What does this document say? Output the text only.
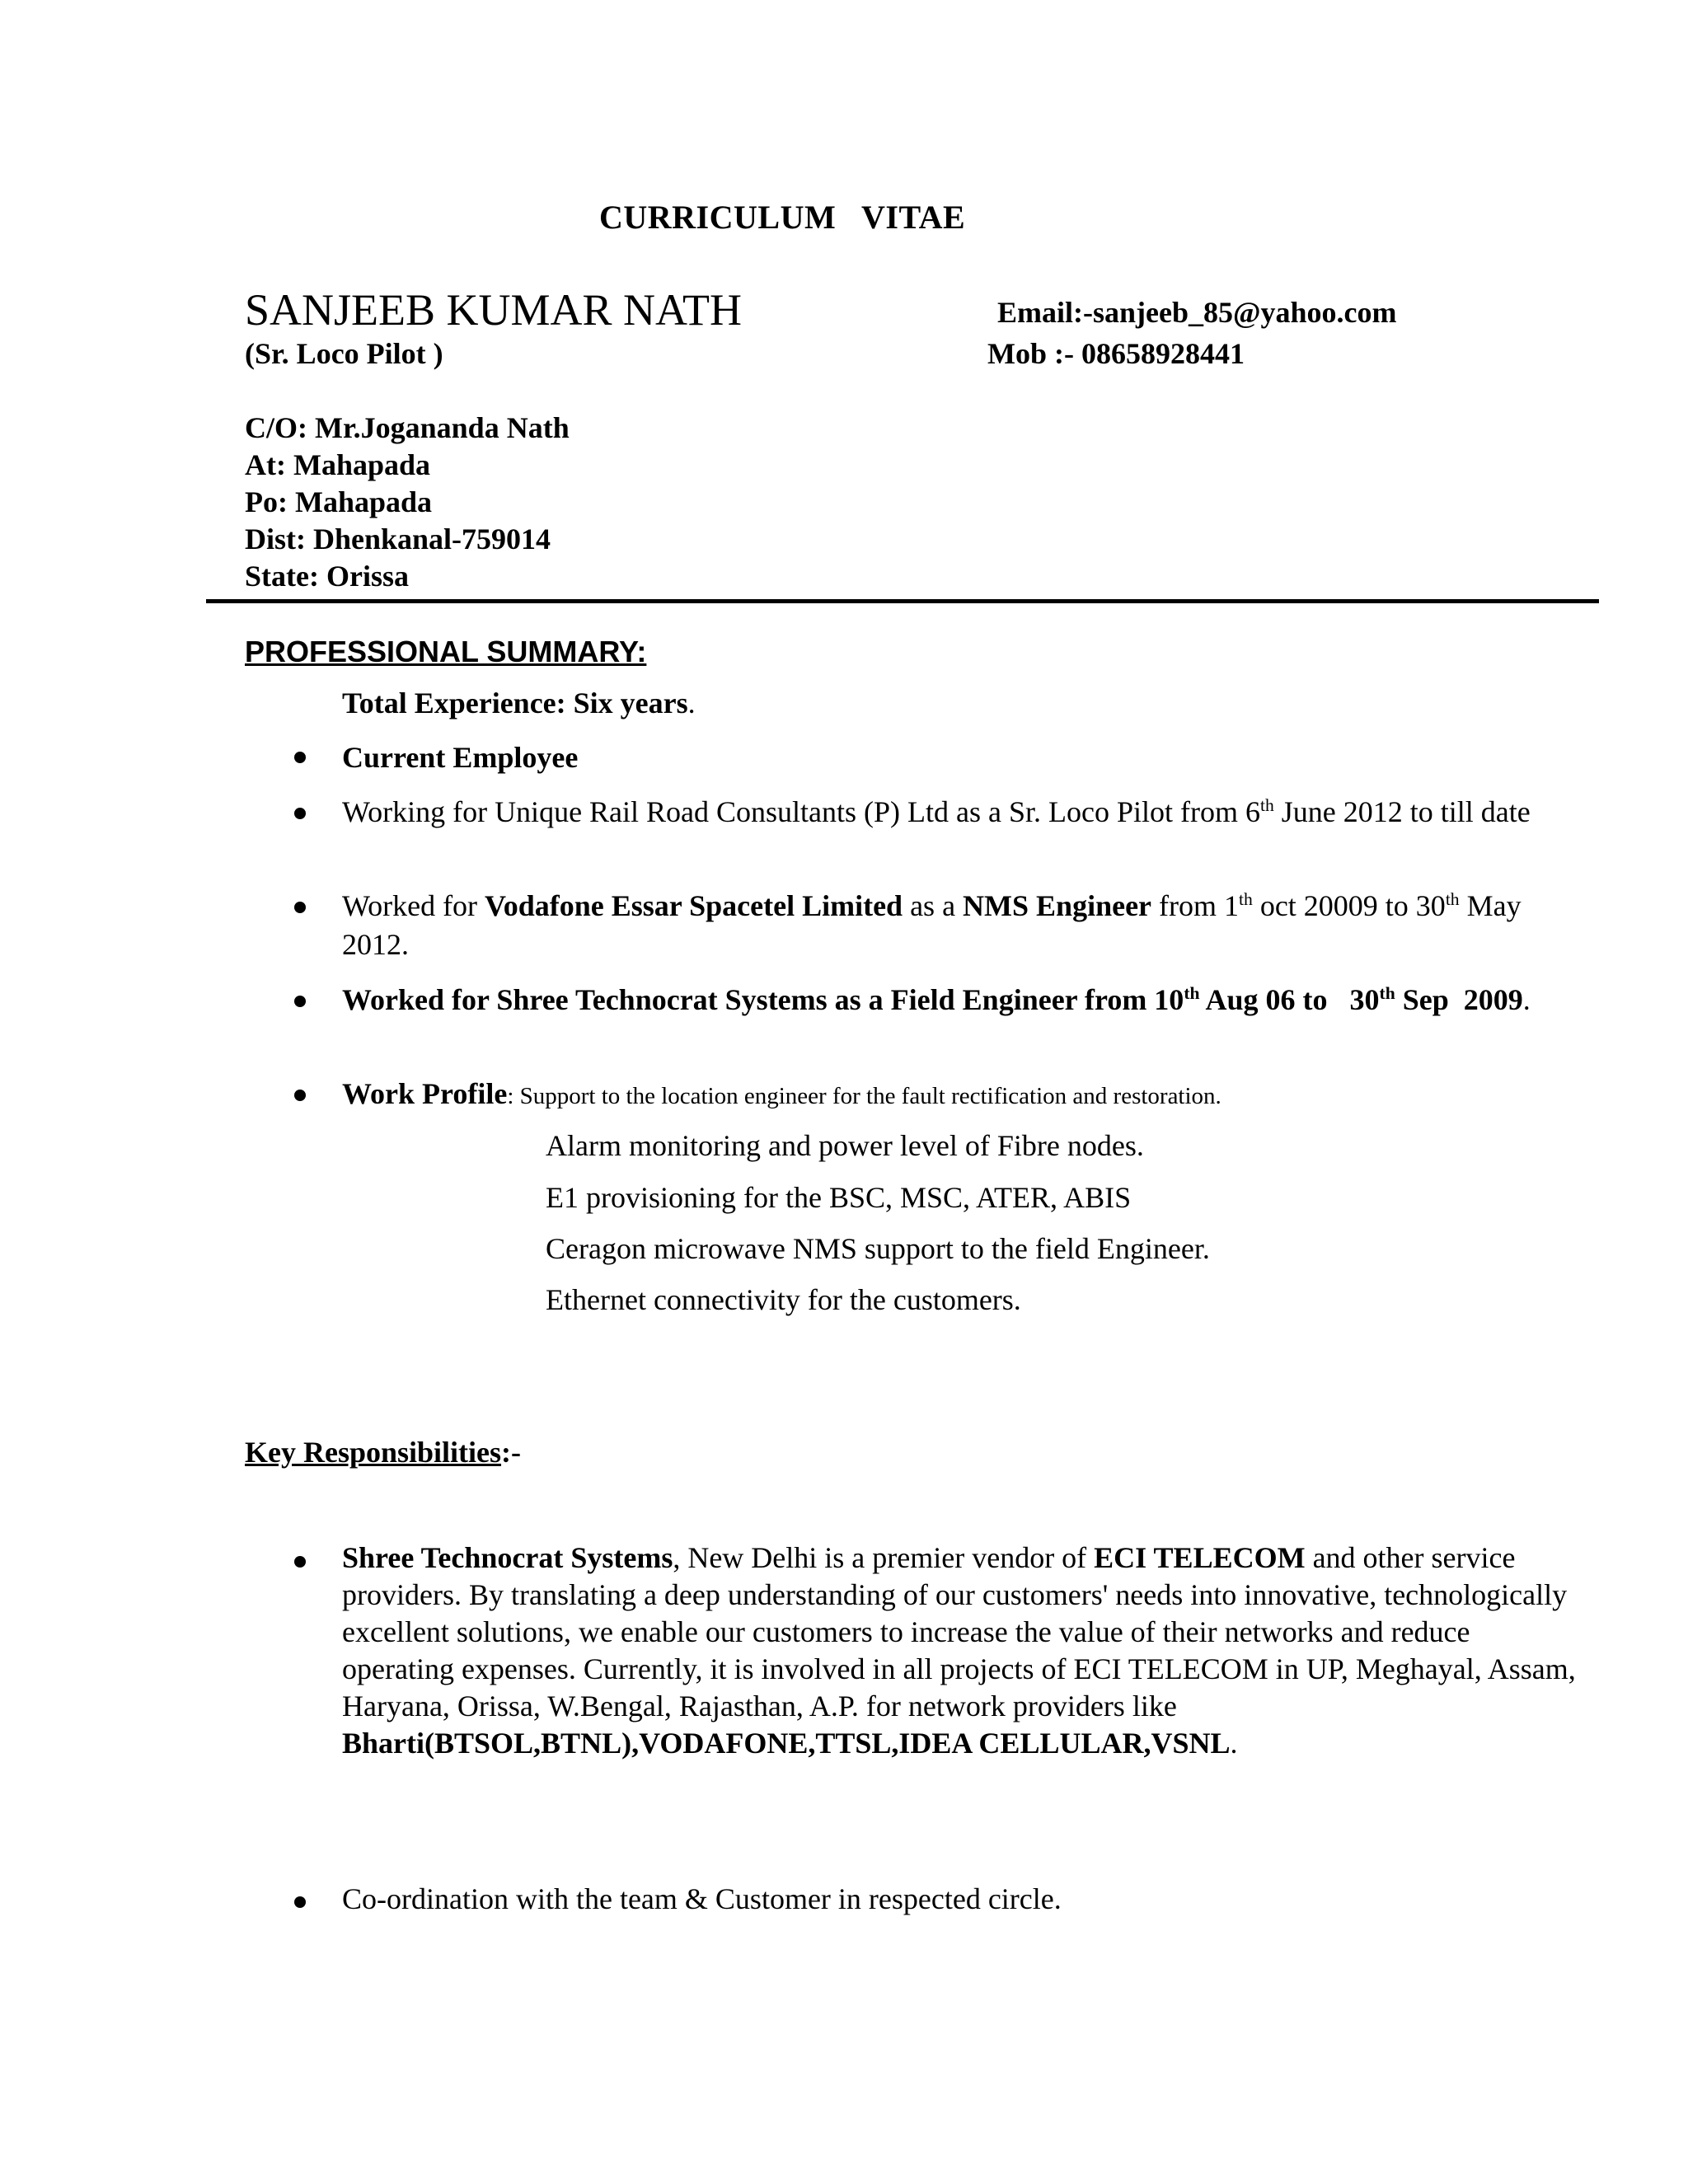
CURRICULUM   VITAE
SANJEEB KUMAR NATH
(Sr. Loco Pilot )
Email:-sanjeeb_85@yahoo.com
Mob :- 08658928441
C/O: Mr.Jogananda Nath
At: Mahapada
Po: Mahapada
Dist: Dhenkanal-759014
State: Orissa
PROFESSIONAL SUMMARY:
Total Experience: Six years.
Current Employee
Working for Unique Rail Road Consultants (P) Ltd as a Sr. Loco Pilot from 6th June 2012 to till date
Worked for Vodafone Essar Spacetel Limited as a NMS Engineer from 1th oct 20009 to 30th May 2012.
Worked for Shree Technocrat Systems as a Field Engineer from 10th Aug 06 to   30th Sep  2009.
Work Profile: Support to the location engineer for the fault rectification and restoration.
Alarm monitoring and power level of Fibre nodes.
E1 provisioning for the BSC, MSC, ATER, ABIS
Ceragon microwave NMS support to the field Engineer.
Ethernet connectivity for the customers.
Key Responsibilities:-
Shree Technocrat Systems, New Delhi is a premier vendor of ECI TELECOM and other service providers. By translating a deep understanding of our customers' needs into innovative, technologically excellent solutions, we enable our customers to increase the value of their networks and reduce operating expenses. Currently, it is involved in all projects of ECI TELECOM in UP, Meghayal, Assam, Haryana, Orissa, W.Bengal, Rajasthan, A.P. for network providers like Bharti(BTSOL,BTNL),VODAFONE,TTSL,IDEA CELLULAR,VSNL.
Co-ordination with the team & Customer in respected circle.
